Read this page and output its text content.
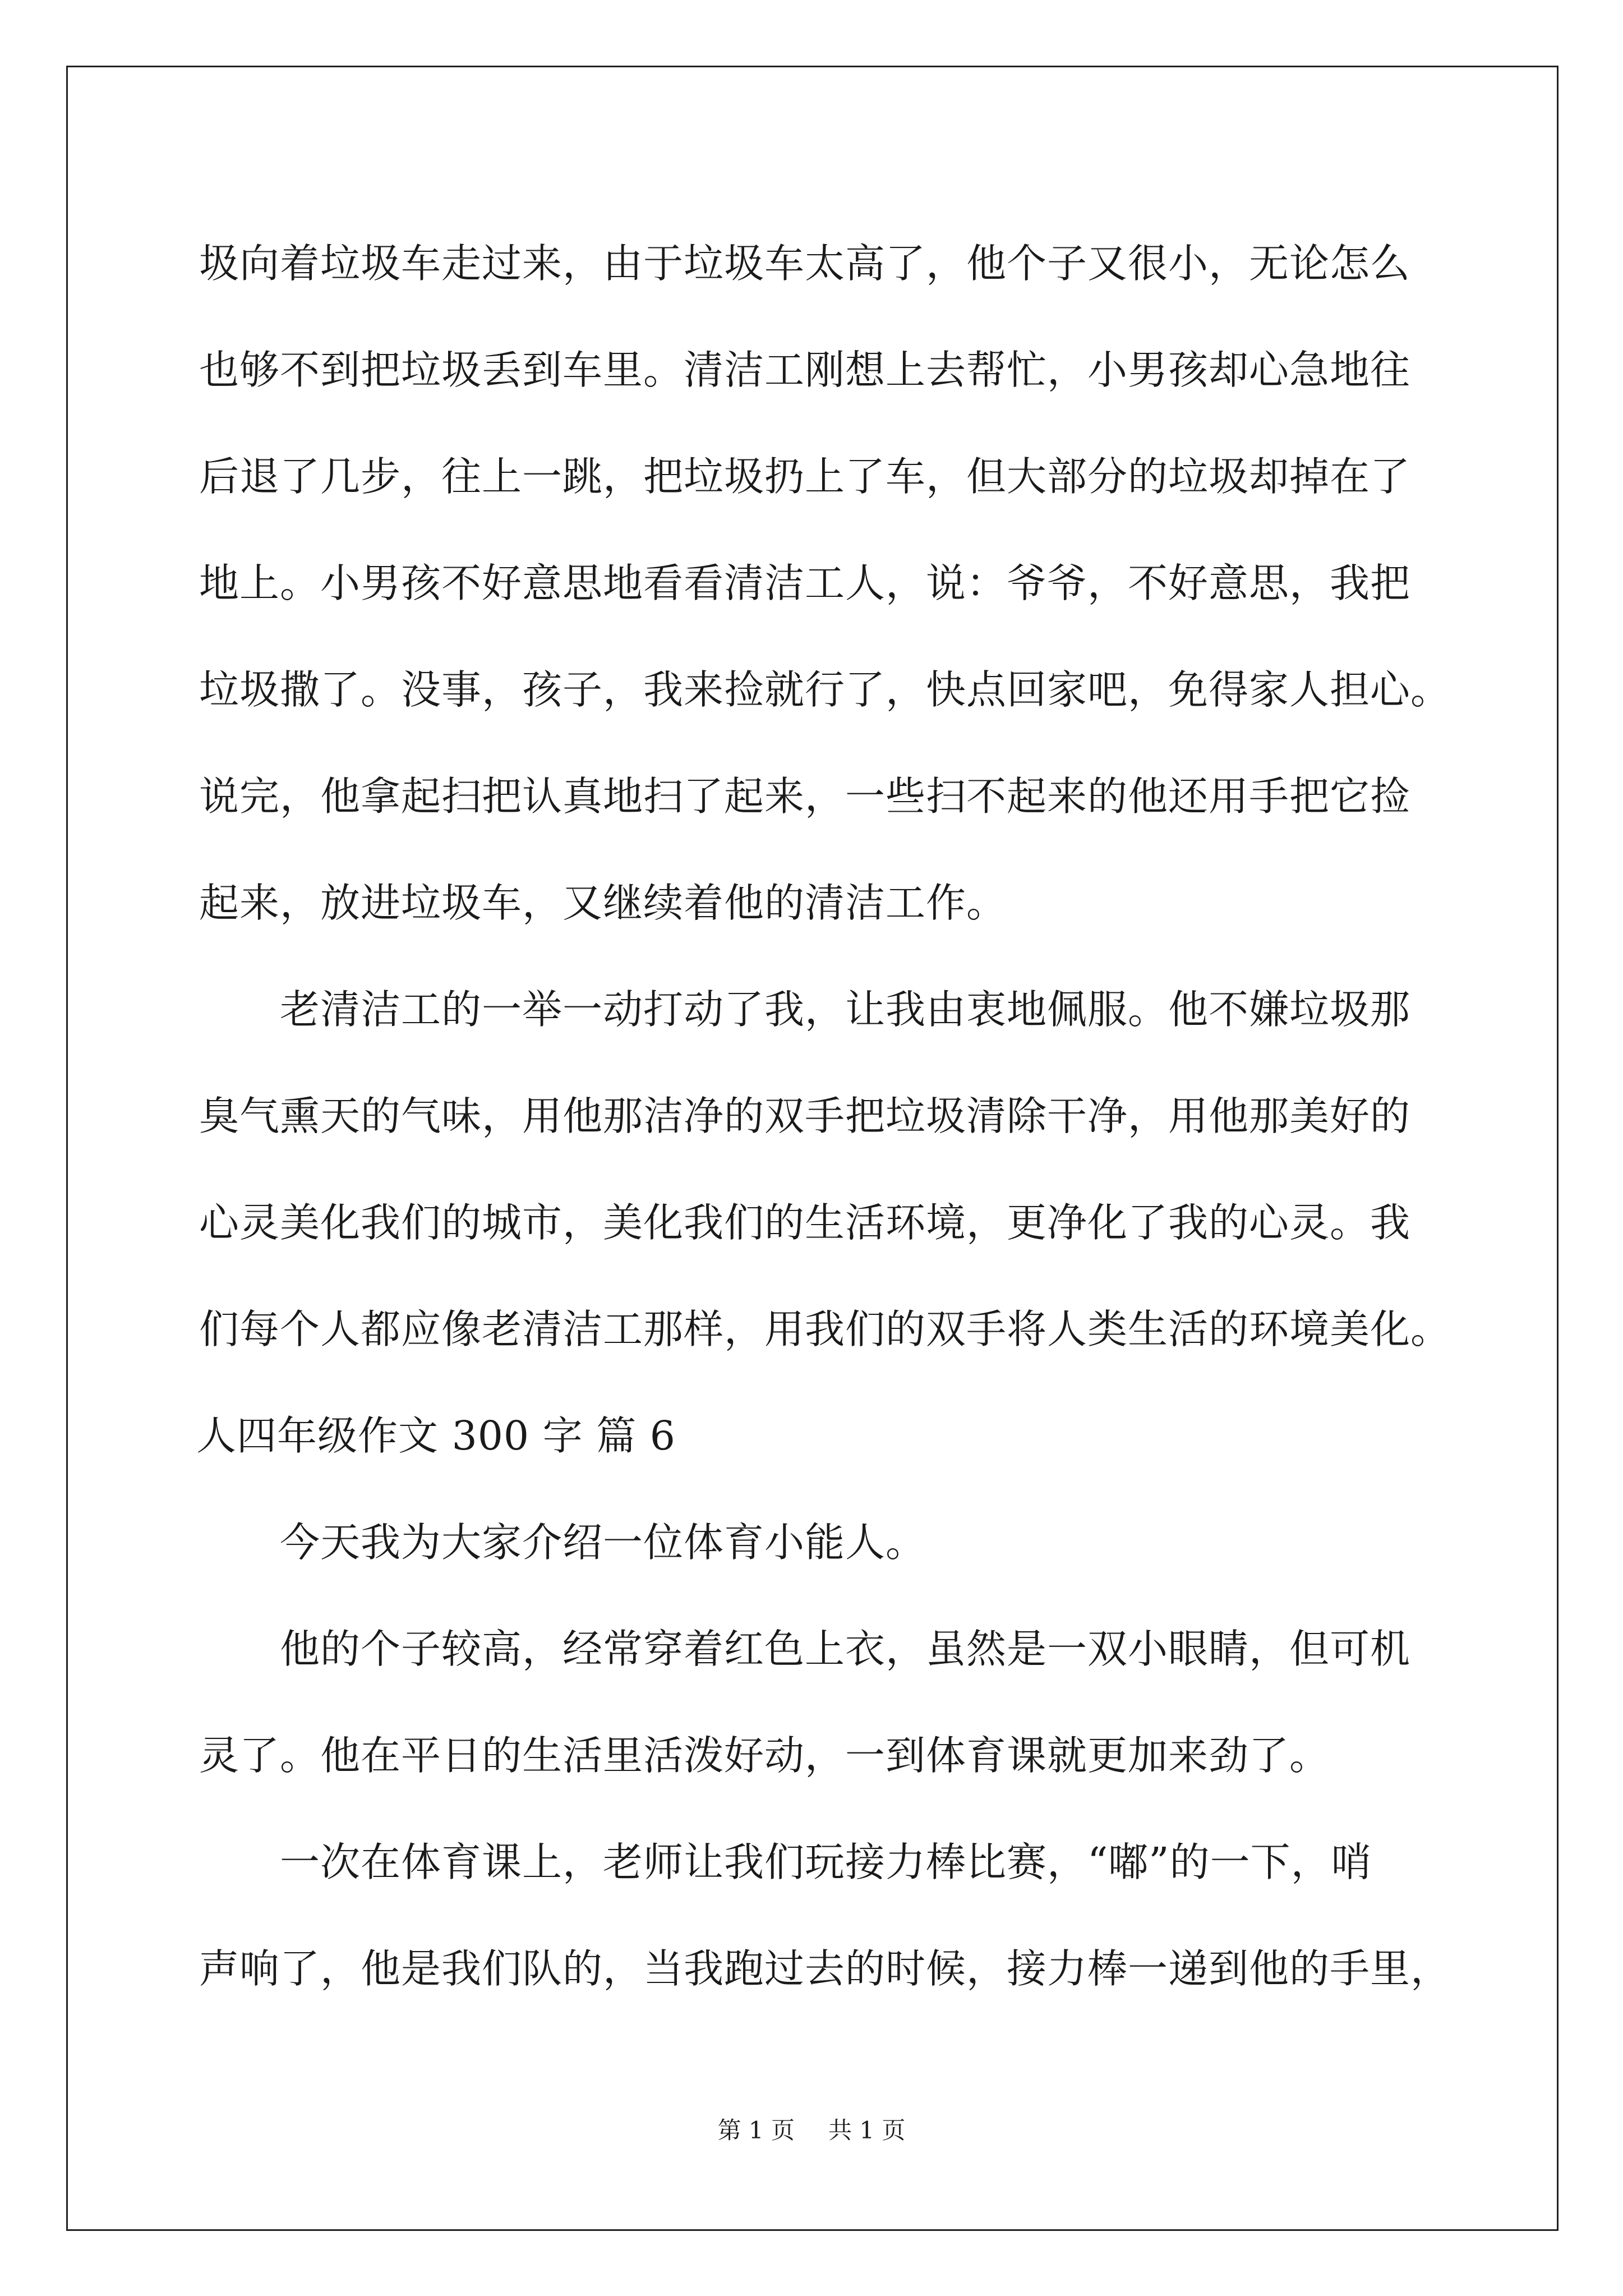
圾向着垃圾车走过来，由于垃圾车太高了，他个子又很小，无论怎么
也够不到把垃圾丢到车里。清洁工刚想上去帮忙，小男孩却心急地往
后退了几步，往上一跳，把垃圾扔上了车，但大部分的垃圾却掉在了
地上。小男孩不好意思地看看清洁工人，说：爷爷，不好意思，我把
垃圾撒了。没事，孩子，我来捡就行了，快点回家吧，免得家人担心。
说完，他拿起扫把认真地扫了起来，一些扫不起来的他还用手把它捡
起来，放进垃圾车，又继续着他的清洁工作。
　　老清洁工的一举一动打动了我，让我由衷地佩服。他不嫌垃圾那
臭气熏天的气味，用他那洁净的双手把垃圾清除干净，用他那美好的
心灵美化我们的城市，美化我们的生活环境，更净化了我的心灵。我
们每个人都应像老清洁工那样，用我们的双手将人类生活的环境美化。
人四年级作文 300 字 篇 6
　　今天我为大家介绍一位体育小能人。
　　他的个子较高，经常穿着红色上衣，虽然是一双小眼睛，但可机
灵了。他在平日的生活里活泼好动，一到体育课就更加来劲了。
　　一次在体育课上，老师让我们玩接力棒比赛，“嘟”的一下，哨
声响了，他是我们队的，当我跑过去的时候，接力棒一递到他的手里，
第 1 页 共 1 页
